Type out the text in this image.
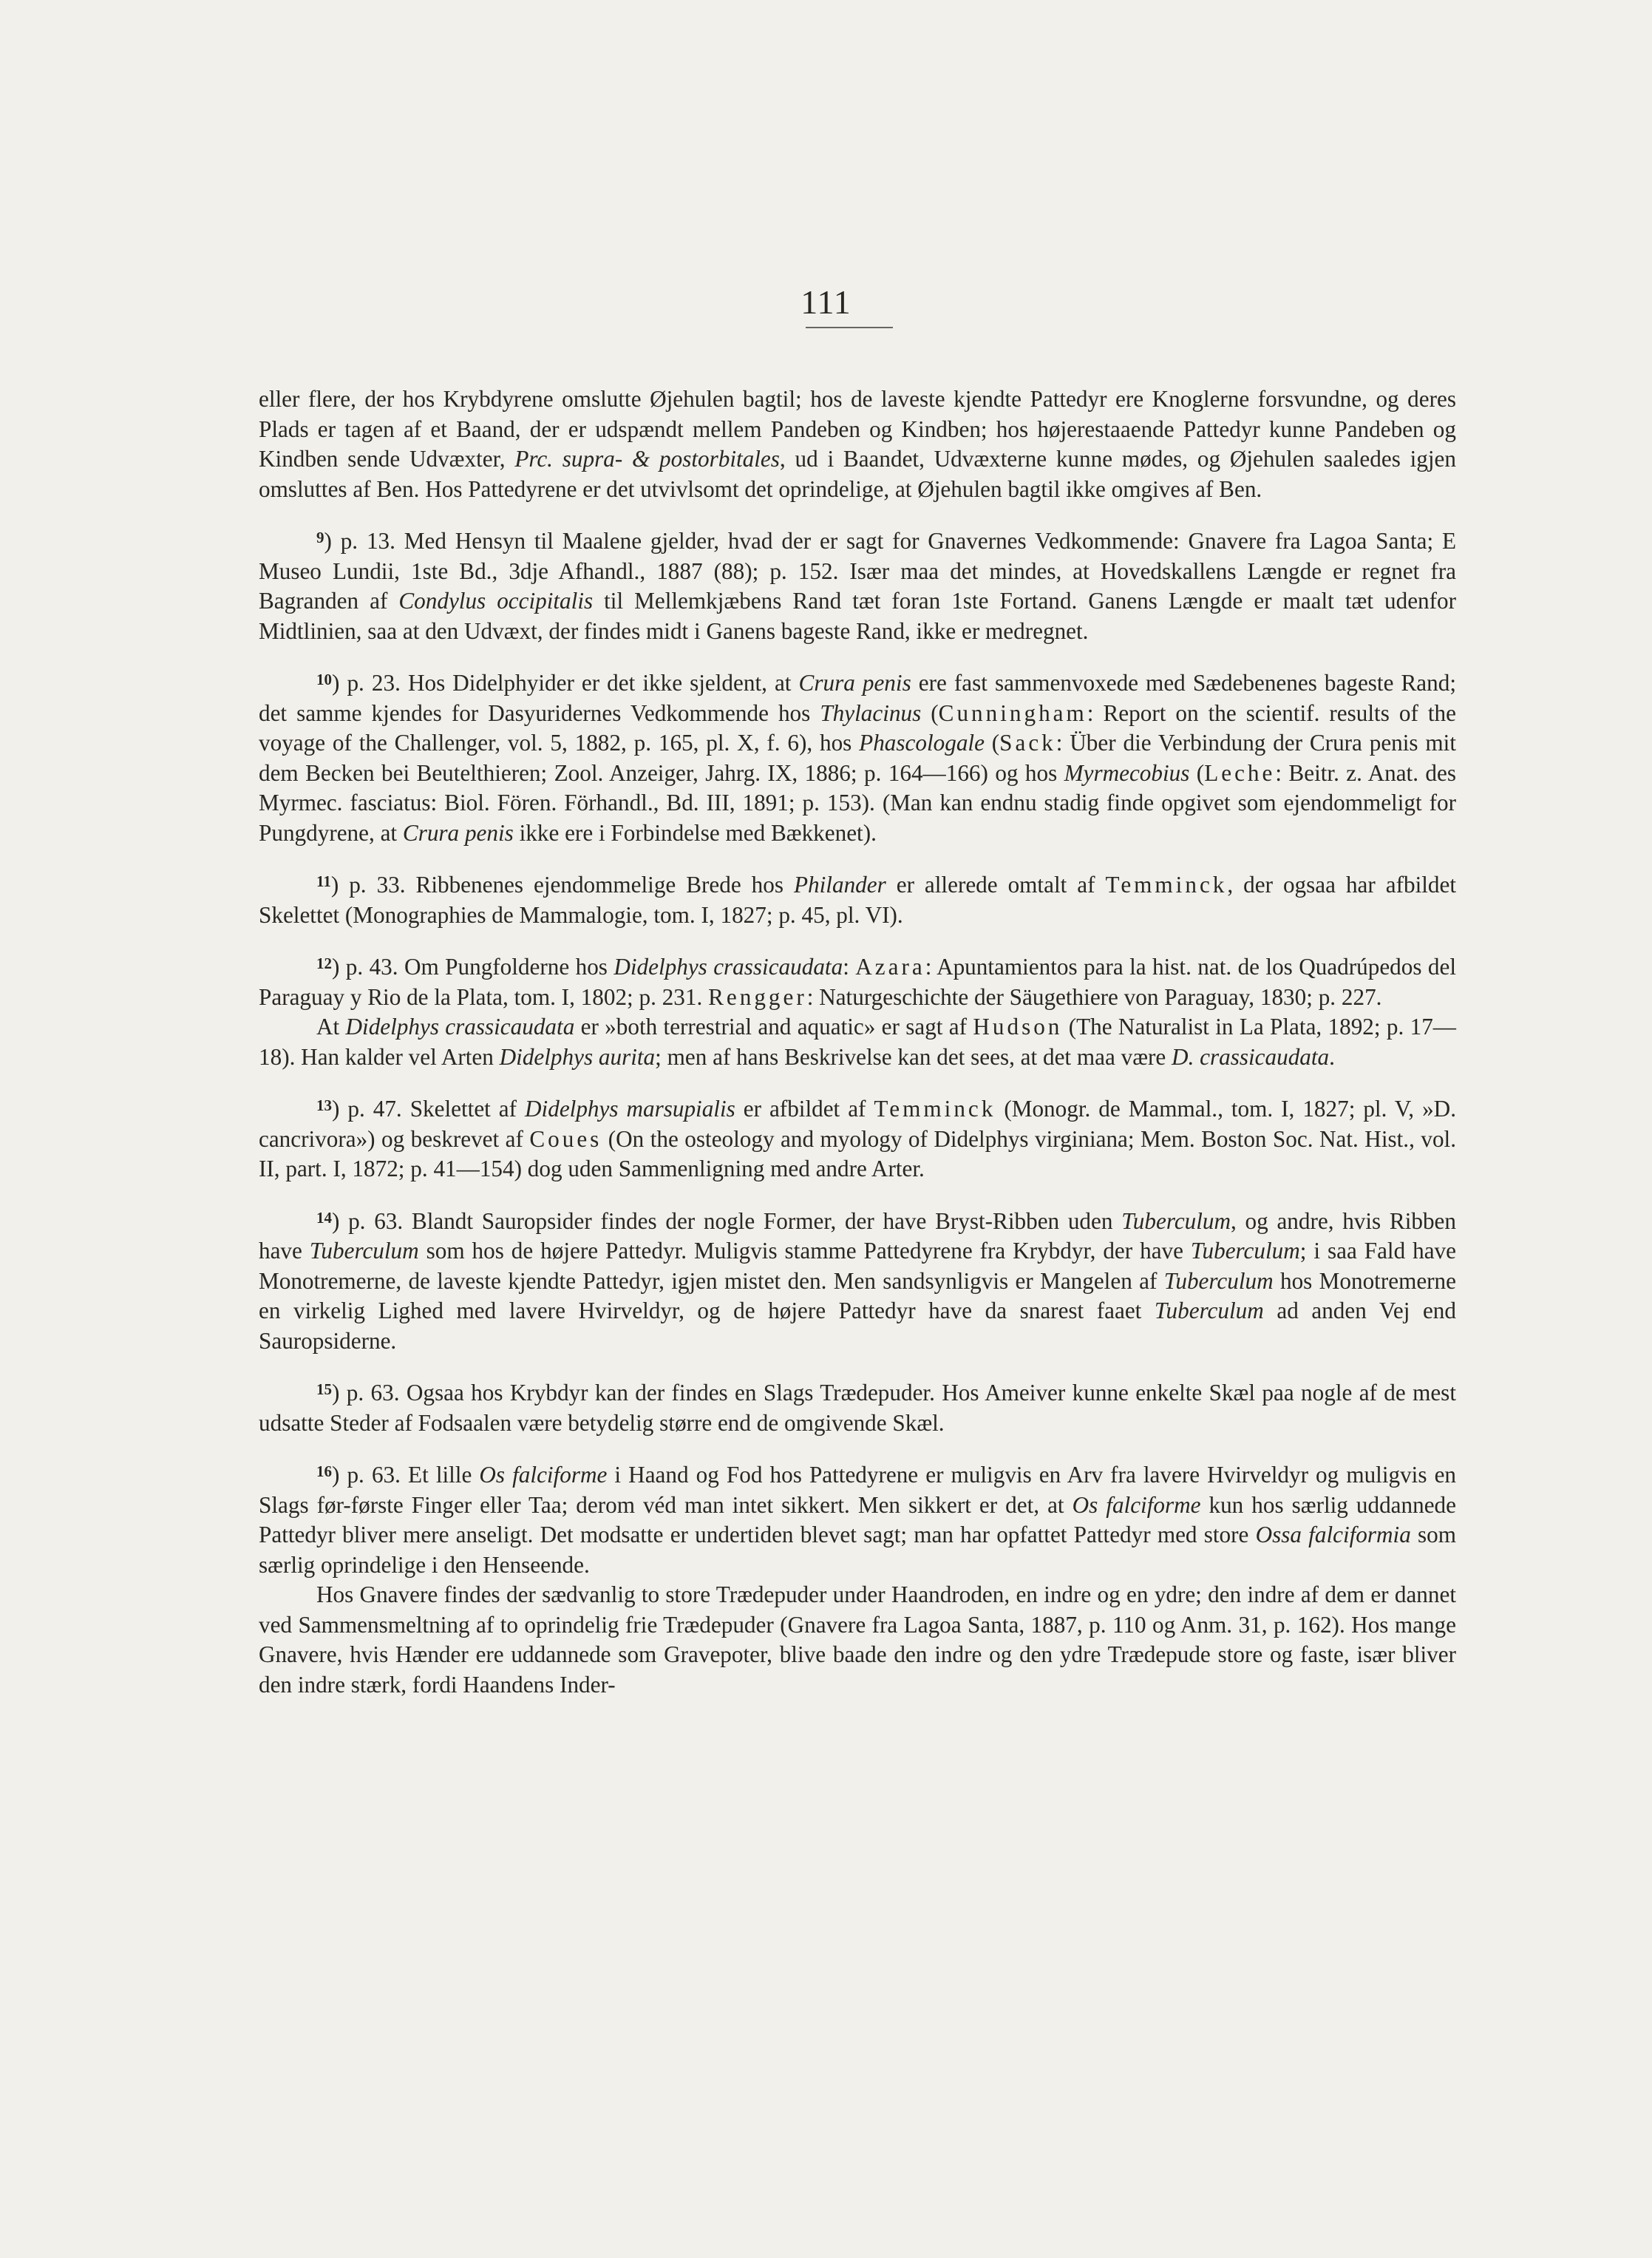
111

eller flere, der hos Krybdyrene omslutte Øjehulen bagtil; hos de laveste kjendte Pattedyr ere Knoglerne forsvundne, og deres Plads er tagen af et Baand, der er udspændt mellem Pandeben og Kindben; hos højerestaaende Pattedyr kunne Pandeben og Kindben sende Udvæxter, Prc. supra- & postorbitales, ud i Baandet, Udvæxterne kunne mødes, og Øjehulen saaledes igjen omsluttes af Ben. Hos Pattedyrene er det utvivlsomt det oprindelige, at Øjehulen bagtil ikke omgives af Ben.

$^9$) p. 13. Med Hensyn til Maalene gjelder, hvad der er sagt for Gnavernes Vedkommende: Gnavere fra Lagoa Santa; E Museo Lundii, 1ste Bd., 3dje Afhandl., 1887 (88); p. 152. Især maa det mindes, at Hovedskallens Længde er regnet fra Bagranden af Condylus occipitalis til Mellemkjæbens Rand tæt foran 1ste Fortand. Ganens Længde er maalt tæt udenfor Midtlinien, saa at den Udvæxt, der findes midt i Ganens bageste Rand, ikke er medregnet.

$^{10}$) p. 23. Hos Didelphyider er det ikke sjeldent, at Crura penis ere fast sammenvoxede med Sædebenenes bageste Rand; det samme kjendes for Dasyuridernes Vedkommende hos Thylacinus (Cunningham: Report on the scientif. results of the voyage of the Challenger, vol. 5, 1882, p. 165, pl. X, f. 6), hos Phascologale (Sack: Über die Verbindung der Crura penis mit dem Becken bei Beutelthieren; Zool. Anzeiger, Jahrg. IX, 1886; p. 164—166) og hos Myrmecobius (Leche: Beitr. z. Anat. des Myrmec. fasciatus: Biol. Fören. Förhandl., Bd. III, 1891; p. 153). (Man kan endnu stadig finde opgivet som ejendommeligt for Pungdyrene, at Crura penis ikke ere i Forbindelse med Bækkenet).

$^{11}$) p. 33. Ribbenenes ejendommelige Brede hos Philander er allerede omtalt af Temminck, der ogsaa har afbildet Skelettet (Monographies de Mammalogie, tom. I, 1827; p. 45, pl. VI).

$^{12}$) p. 43. Om Pungfolderne hos Didelphys crassicaudata: Azara: Apuntamientos para la hist. nat. de los Quadrúpedos del Paraguay y Rio de la Plata, tom. I, 1802; p. 231. Rengger: Naturgeschichte der Säugethiere von Paraguay, 1830; p. 227.

At Didelphys crassicaudata er »both terrestrial and aquatic» er sagt af Hudson (The Naturalist in La Plata, 1892; p. 17—18). Han kalder vel Arten Didelphys aurita; men af hans Beskrivelse kan det sees, at det maa være D. crassicaudata.

$^{13}$) p. 47. Skelettet af Didelphys marsupialis er afbildet af Temminck (Monogr. de Mammal., tom. I, 1827; pl. V, »D. cancrivora») og beskrevet af Coues (On the osteology and myology of Didelphys virginiana; Mem. Boston Soc. Nat. Hist., vol. II, part. I, 1872; p. 41—154) dog uden Sammenligning med andre Arter.

$^{14}$) p. 63. Blandt Sauropsider findes der nogle Former, der have Bryst-Ribben uden Tuberculum, og andre, hvis Ribben have Tuberculum som hos de højere Pattedyr. Muligvis stamme Pattedyrene fra Krybdyr, der have Tuberculum; i saa Fald have Monotremerne, de laveste kjendte Pattedyr, igjen mistet den. Men sandsynligvis er Mangelen af Tuberculum hos Monotremerne en virkelig Lighed med lavere Hvirveldyr, og de højere Pattedyr have da snarest faaet Tuberculum ad anden Vej end Sauropsiderne.

$^{15}$) p. 63. Ogsaa hos Krybdyr kan der findes en Slags Trædepuder. Hos Ameiver kunne enkelte Skæl paa nogle af de mest udsatte Steder af Fodsaalen være betydelig større end de omgivende Skæl.

$^{16}$) p. 63. Et lille Os falciforme i Haand og Fod hos Pattedyrene er muligvis en Arv fra lavere Hvirveldyr og muligvis en Slags før-første Finger eller Taa; derom véd man intet sikkert. Men sikkert er det, at Os falciforme kun hos særlig uddannede Pattedyr bliver mere anseligt. Det modsatte er undertiden blevet sagt; man har opfattet Pattedyr med store Ossa falciformia som særlig oprindelige i den Henseende.

Hos Gnavere findes der sædvanlig to store Trædepuder under Haandroden, en indre og en ydre; den indre af dem er dannet ved Sammensmeltning af to oprindelig frie Trædepuder (Gnavere fra Lagoa Santa, 1887, p. 110 og Anm. 31, p. 162). Hos mange Gnavere, hvis Hænder ere uddannede som Gravepoter, blive baade den indre og den ydre Trædepude store og faste, især bliver den indre stærk, fordi Haandens Inder-
